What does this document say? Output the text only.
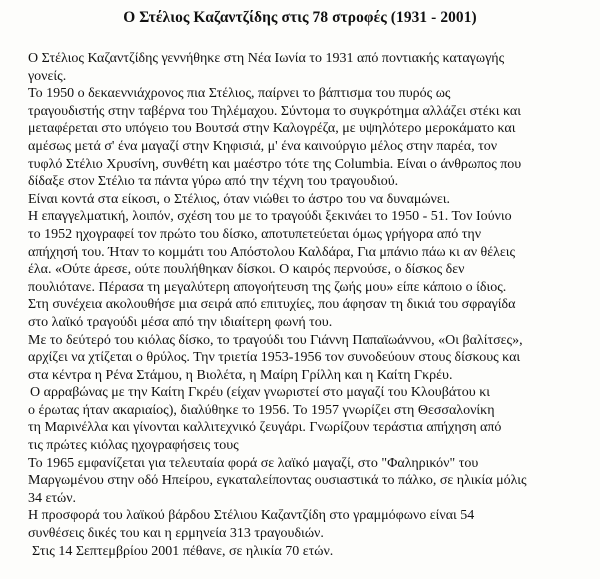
Ο Στέλιος Καζαντζίδης στις 78 στροφές (1931 - 2001)
Ο Στέλιος Καζαντζίδης γεννήθηκε στη Νέα Ιωνία το 1931 από ποντιακής καταγωγής
γονείς.
Το 1950 ο δεκαεννιάχρονος πια Στέλιος, παίρνει το βάπτισμα του πυρός ως
τραγουδιστής στην ταβέρνα του Τηλέμαχου. Σύντομα το συγκρότημα αλλάζει στέκι και
μεταφέρεται στο υπόγειο του Βουτσά στην Καλογρέζα, με υψηλότερο μεροκάματο και
αμέσως μετά σ' ένα μαγαζί στην Κηφισιά, μ' ένα καινούργιο μέλος στην παρέα, τον
τυφλό Στέλιο Χρυσίνη, συνθέτη και μαέστρο τότε της Columbia. Είναι ο άνθρωπος που
δίδαξε στον Στέλιο τα πάντα γύρω από την τέχνη του τραγουδιού.
Είναι κοντά στα είκοσι, ο Στέλιος, όταν νιώθει το άστρο του να δυναμώνει.
Η επαγγελματική, λοιπόν, σχέση του με το τραγούδι ξεκινάει το 1950 - 51. Τον Ιούνιο
το 1952 ηχογραφεί τον πρώτο του δίσκο, αποτυπετεύεται όμως γρήγορα από την
απήχησή του. Ήταν το κομμάτι του Απόστολου Καλδάρα, Για μπάνιο πάω κι αν θέλεις
έλα. «Ούτε άρεσε, ούτε πουλήθηκαν δίσκοι. Ο καιρός περνούσε, ο δίσκος δεν
πουλιότανε. Πέρασα τη μεγαλύτερη απογοήτευση της ζωής μου» είπε κάποιο ο ίδιος.
Στη συνέχεια ακολουθήσε μια σειρά από επιτυχίες, που άφησαν τη δικιά του σφραγίδα
στο λαϊκό τραγούδι μέσα από την ιδιαίτερη φωνή του.
Με το δεύτερό του κιόλας δίσκο, το τραγούδι του Γιάννη Παπαϊωάννου, «Οι βαλίτσες»,
αρχίζει να χτίζεται ο θρύλος. Την τριετία 1953-1956 τον συνοδεύουν στους δίσκους και
στα κέντρα η Ρένα Στάμου, η Βιολέτα, η Μαίρη Γρίλλη και η Καίτη Γκρέυ.
Ο αρραβώνας με την Καίτη Γκρέυ (είχαν γνωριστεί στο μαγαζί του Κλουβάτου κι
ο έρωτας ήταν ακαριαίος), διαλύθηκε το 1956. Το 1957 γνωρίζει στη Θεσσαλονίκη
τη Μαρινέλλα και γίνονται καλλιτεχνικό ζευγάρι. Γνωρίζουν τεράστια απήχηση από
τις πρώτες κιόλας ηχογραφήσεις τους
Το 1965 εμφανίζεται για τελευταία φορά σε λαϊκό μαγαζί, στο "Φαληρικόν" του
Μαργωμένου στην οδό Ηπείρου, εγκαταλείποντας ουσιαστικά το πάλκο, σε ηλικία μόλις
34 ετών.
Η προσφορά του λαϊκού βάρδου Στέλιου Καζαντζίδη στο γραμμόφωνο είναι 54
συνθέσεις δικές του και η ερμηνεία 313 τραγουδιών.
Στις 14 Σεπτεμβρίου 2001 πέθανε, σε ηλικία 70 ετών.
